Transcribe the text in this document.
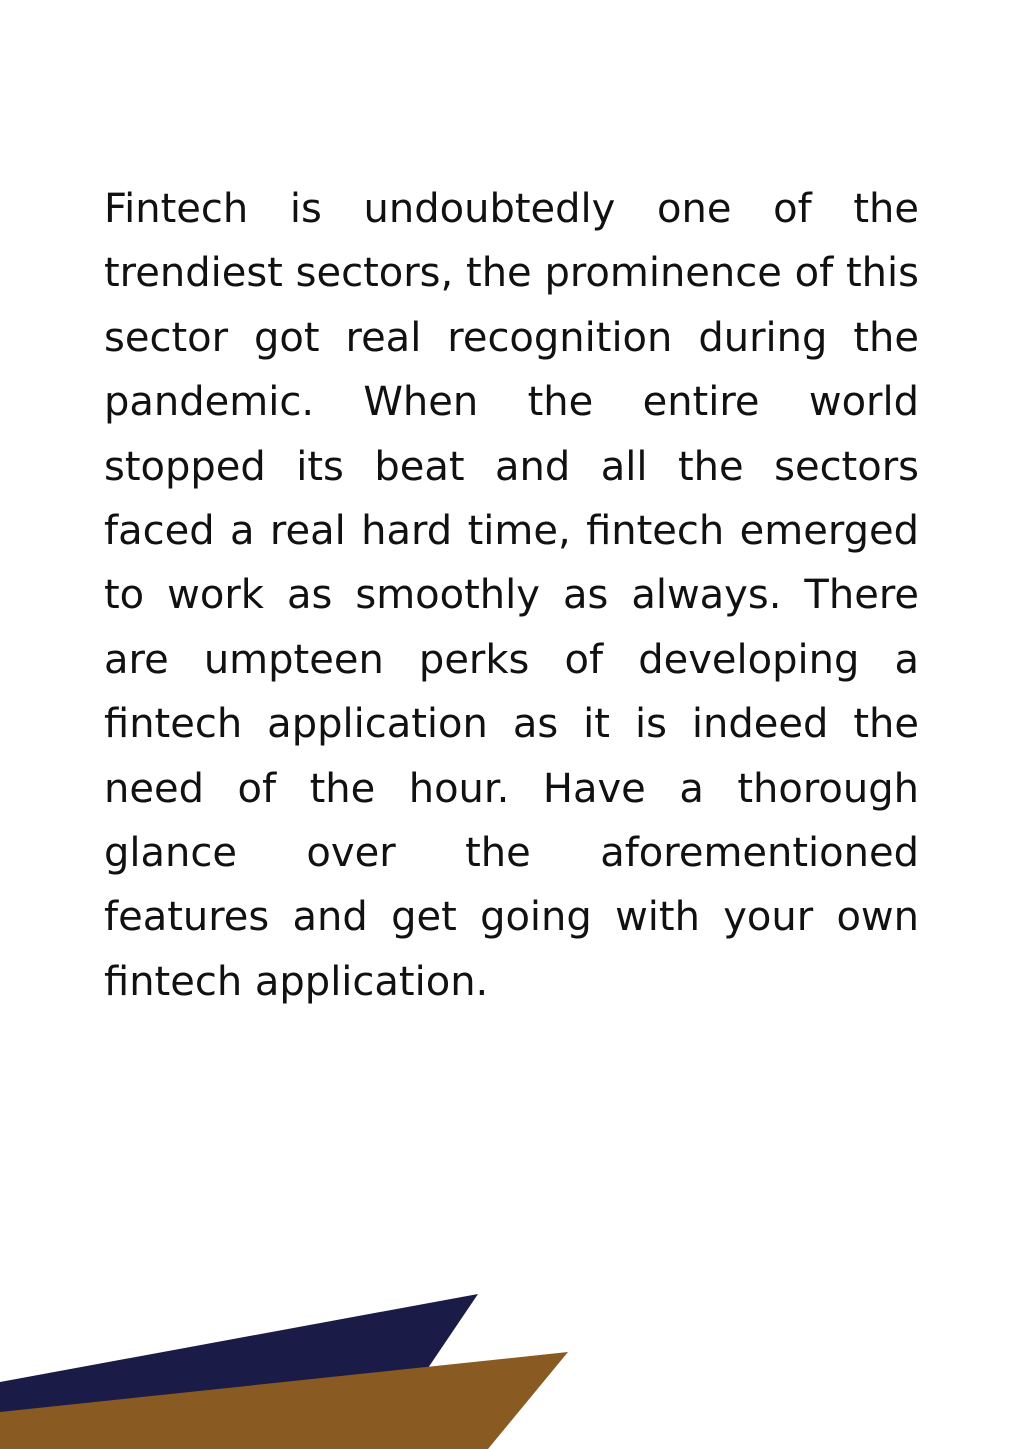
Fintech is undoubtedly one of the trendiest sectors, the prominence of this sector got real recognition during the pandemic. When the entire world stopped its beat and all the sectors faced a real hard time, fintech emerged to work as smoothly as always. There are umpteen perks of developing a fintech application as it is indeed the need of the hour. Have a thorough glance over the aforementioned features and get going with your own fintech application.
